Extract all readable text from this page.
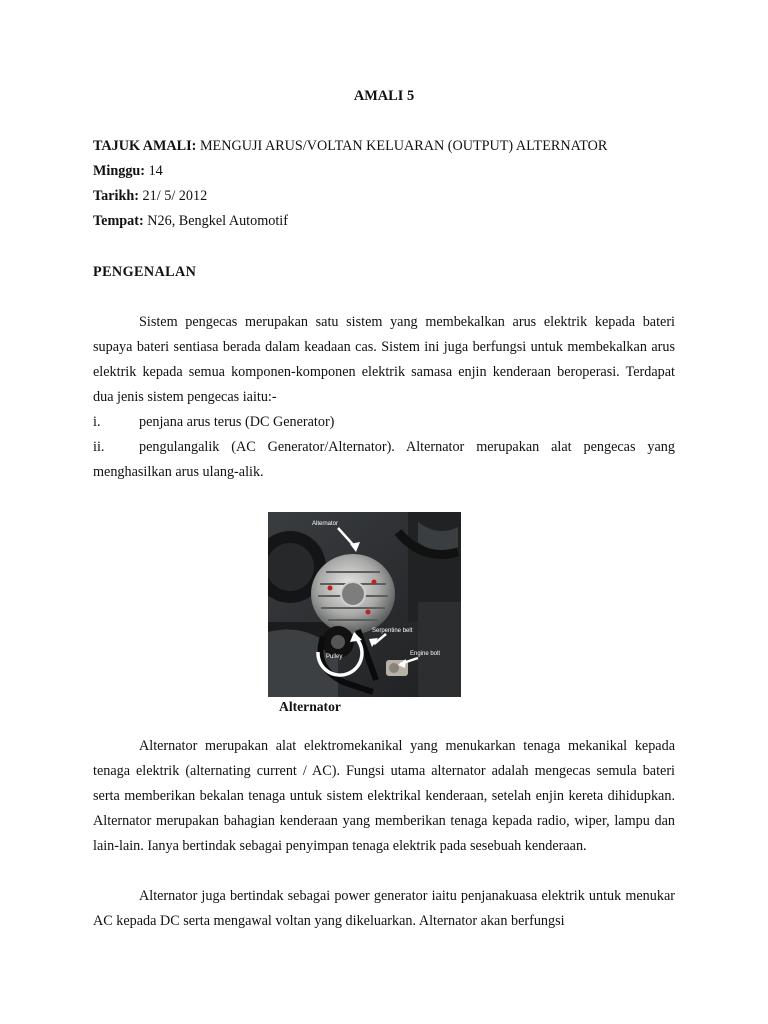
AMALI 5
TAJUK AMALI: MENGUJI ARUS/VOLTAN KELUARAN (OUTPUT) ALTERNATOR
Minggu: 14
Tarikh: 21/ 5/ 2012
Tempat: N26, Bengkel Automotif
PENGENALAN
Sistem pengecas merupakan satu sistem yang membekalkan arus elektrik kepada bateri supaya bateri sentiasa berada dalam keadaan cas. Sistem ini juga berfungsi untuk membekalkan arus elektrik kepada semua komponen-komponen elektrik samasa enjin kenderaan beroperasi. Terdapat dua jenis sistem pengecas iaitu:-
i.	penjana arus terus (DC Generator)
ii.	pengulangalik (AC Generator/Alternator). Alternator merupakan alat pengecas yang menghasilkan arus ulang-alik.
Alternator
Serpentine belt
Pulley	Engine bolt
Alternator
Alternator merupakan alat elektromekanikal yang menukarkan tenaga mekanikal kepada tenaga elektrik (alternating current / AC). Fungsi utama alternator adalah mengecas semula bateri serta memberikan bekalan tenaga untuk sistem elektrikal kenderaan, setelah enjin kereta dihidupkan. Alternator merupakan bahagian kenderaan yang memberikan tenaga kepada radio, wiper, lampu dan lain-lain. Ianya bertindak sebagai penyimpan tenaga elektrik pada sesebuah kenderaan.
Alternator juga bertindak sebagai power generator iaitu penjanakuasa elektrik untuk menukar AC kepada DC serta mengawal voltan yang dikeluarkan. Alternator akan berfungsi
